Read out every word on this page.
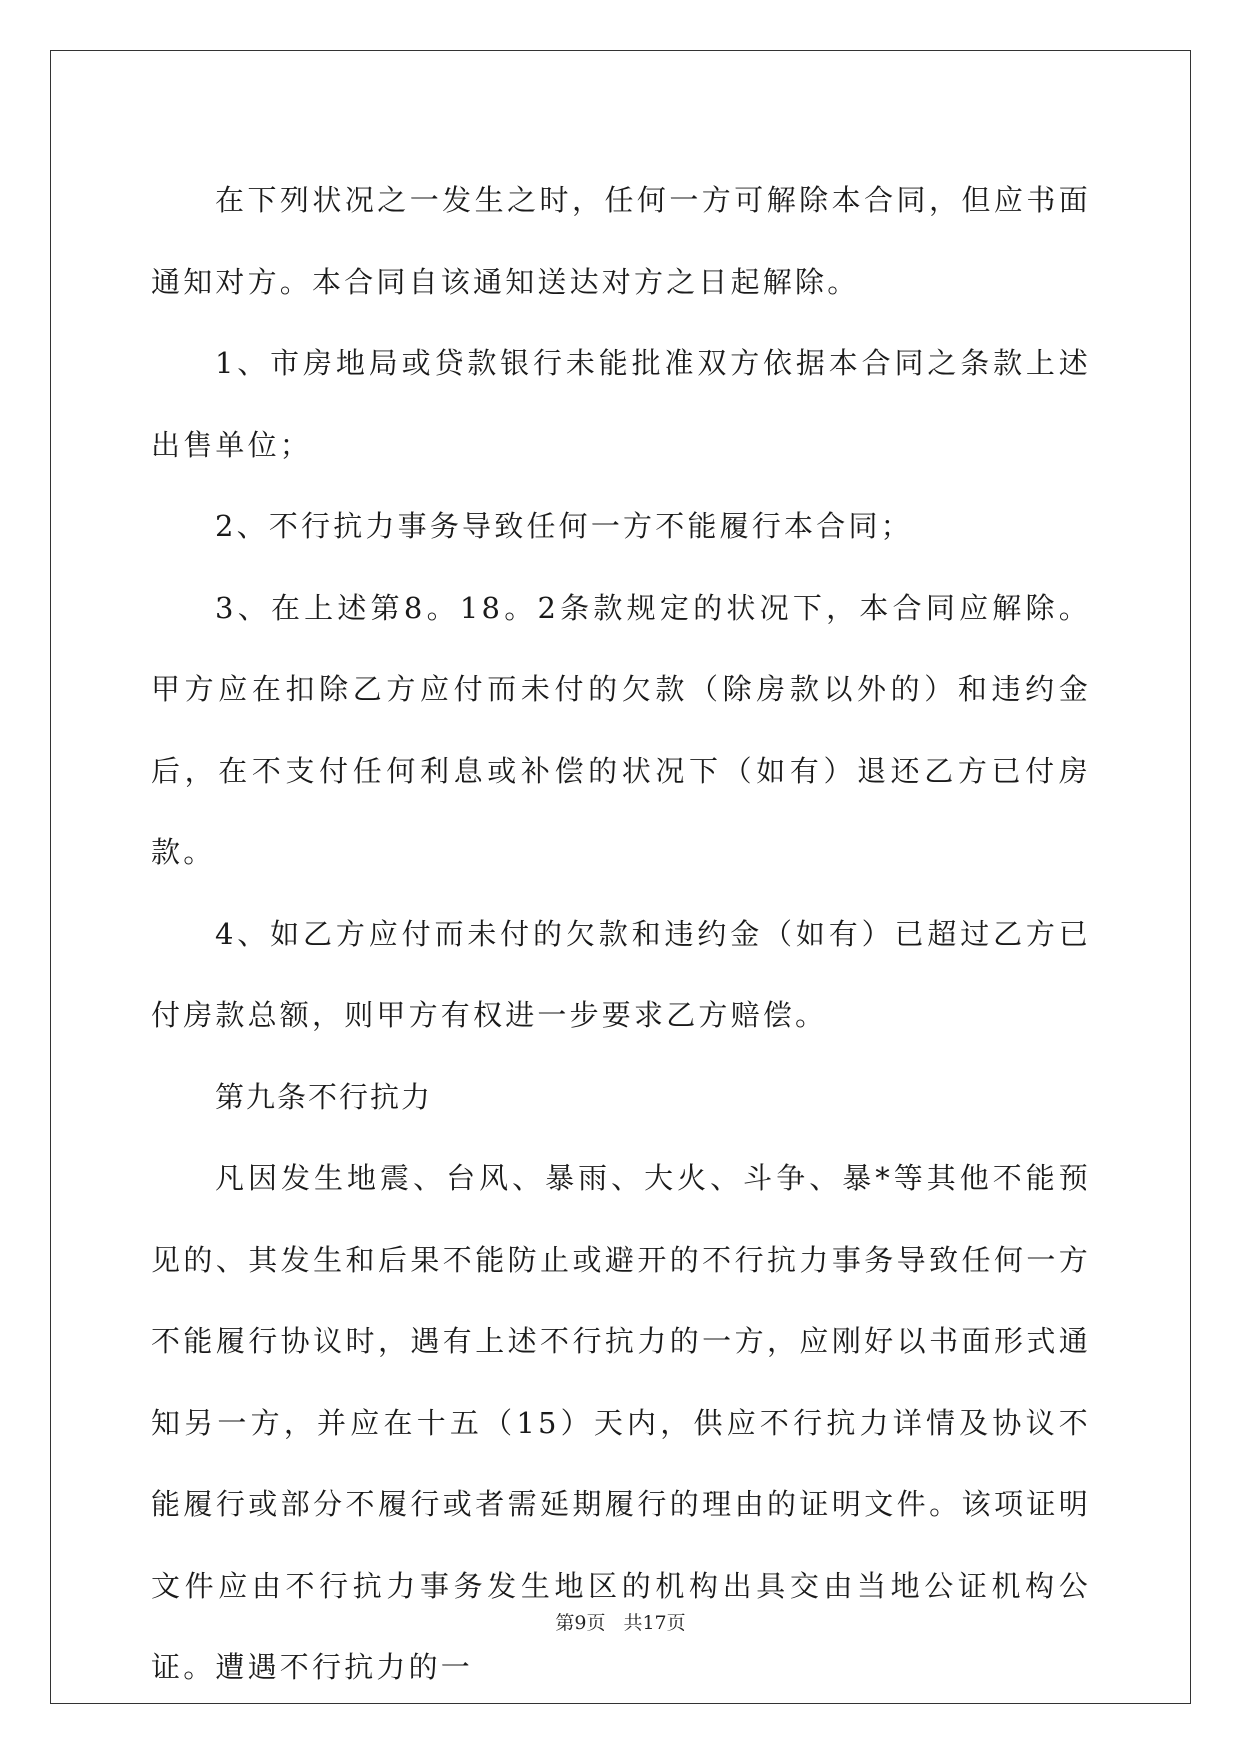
在下列状况之一发生之时，任何一方可解除本合同，但应书面通知对方。本合同自该通知送达对方之日起解除。

1、市房地局或贷款银行未能批准双方依据本合同之条款上述出售单位；

2、不行抗力事务导致任何一方不能履行本合同；

3、在上述第8。18。2条款规定的状况下，本合同应解除。甲方应在扣除乙方应付而未付的欠款（除房款以外的）和违约金后，在不支付任何利息或补偿的状况下（如有）退还乙方已付房款。

4、如乙方应付而未付的欠款和违约金（如有）已超过乙方已付房款总额，则甲方有权进一步要求乙方赔偿。

第九条不行抗力

凡因发生地震、台风、暴雨、大火、斗争、暴*等其他不能预见的、其发生和后果不能防止或避开的不行抗力事务导致任何一方不能履行协议时，遇有上述不行抗力的一方，应刚好以书面形式通知另一方，并应在十五（15）天内，供应不行抗力详情及协议不能履行或部分不履行或者需延期履行的理由的证明文件。该项证明文件应由不行抗力事务发生地区的机构出具交由当地公证机构公证。遭遇不行抗力的一

第9页 共17页
